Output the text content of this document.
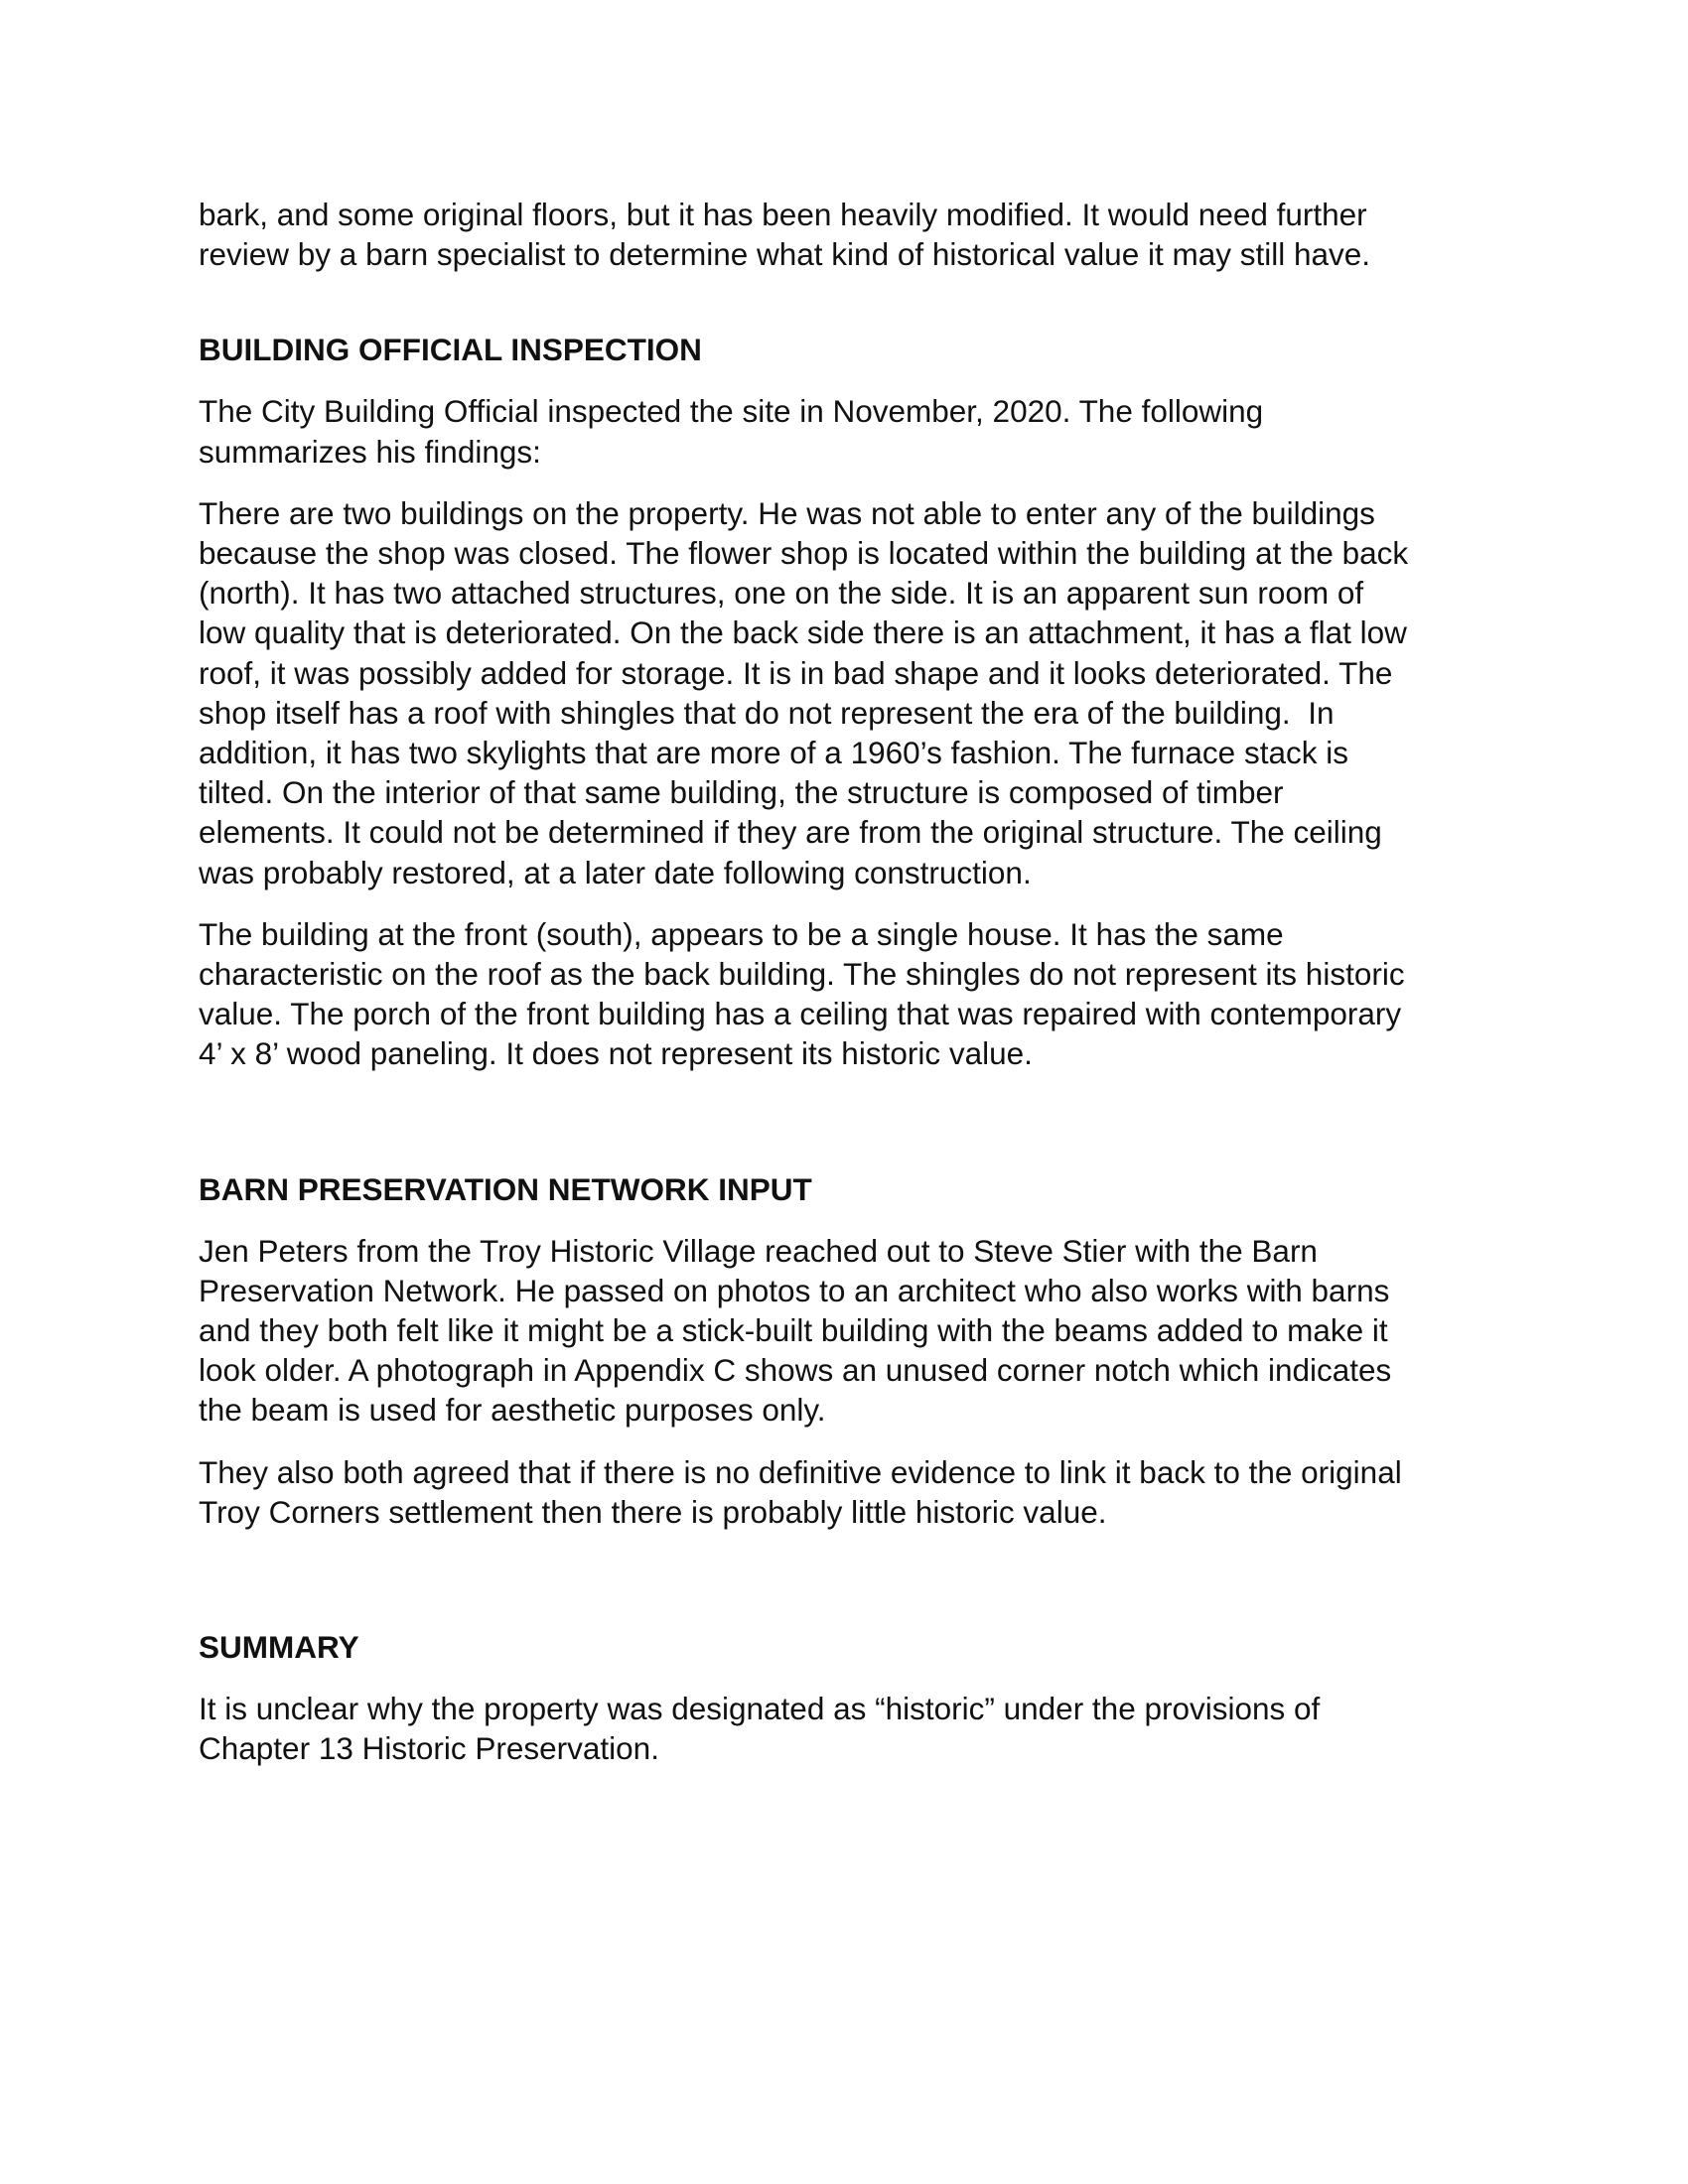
bark, and some original floors, but it has been heavily modified. It would need further
review by a barn specialist to determine what kind of historical value it may still have.
BUILDING OFFICIAL INSPECTION
The City Building Official inspected the site in November, 2020. The following
summarizes his findings:
There are two buildings on the property. He was not able to enter any of the buildings
because the shop was closed. The flower shop is located within the building at the back
(north). It has two attached structures, one on the side. It is an apparent sun room of
low quality that is deteriorated. On the back side there is an attachment, it has a flat low
roof, it was possibly added for storage. It is in bad shape and it looks deteriorated. The
shop itself has a roof with shingles that do not represent the era of the building.  In
addition, it has two skylights that are more of a 1960’s fashion. The furnace stack is
tilted. On the interior of that same building, the structure is composed of timber
elements. It could not be determined if they are from the original structure. The ceiling
was probably restored, at a later date following construction.
The building at the front (south), appears to be a single house. It has the same
characteristic on the roof as the back building. The shingles do not represent its historic
value. The porch of the front building has a ceiling that was repaired with contemporary
4’ x 8’ wood paneling. It does not represent its historic value.
BARN PRESERVATION NETWORK INPUT
Jen Peters from the Troy Historic Village reached out to Steve Stier with the Barn
Preservation Network. He passed on photos to an architect who also works with barns
and they both felt like it might be a stick-built building with the beams added to make it
look older. A photograph in Appendix C shows an unused corner notch which indicates
the beam is used for aesthetic purposes only.
They also both agreed that if there is no definitive evidence to link it back to the original
Troy Corners settlement then there is probably little historic value.
SUMMARY
It is unclear why the property was designated as “historic” under the provisions of
Chapter 13 Historic Preservation.
